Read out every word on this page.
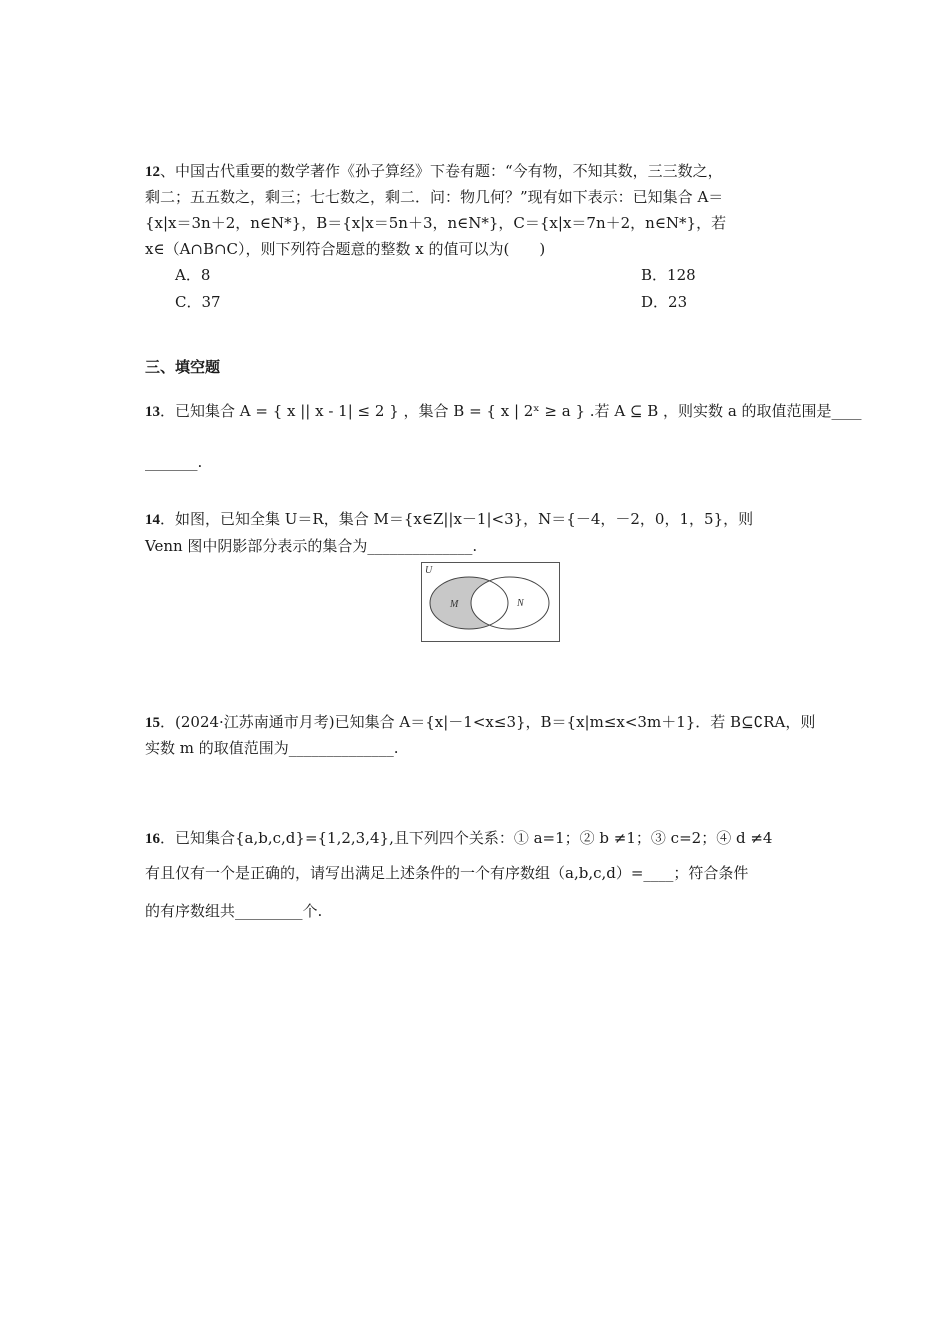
12、中国古代重要的数学著作《孙子算经》下卷有题：“今有物，不知其数，三三数之，
剩二；五五数之，剩三；七七数之，剩二．问：物几何？”现有如下表示：已知集合 A＝
{x|x＝3n＋2，n∈N*}，B＝{x|x＝5n＋3，n∈N*}，C＝{x|x＝7n＋2，n∈N*}，若
x∈（A∩B∩C），则下列符合题意的整数 x 的值可以为(　　)
A．8	B．128
C．37	D．23
三、填空题
13．已知集合 A = { x || x - 1| ≤ 2 } ，集合 B = { x | 2ˣ ≥ a } .若 A ⊆ B ，则实数 a 的取值范围是____
_______.
14．如图，已知全集 U＝R，集合 M＝{x∈Z||x－1|<3}，N＝{－4，－2，0，1，5}，则
Venn 图中阴影部分表示的集合为______________.
U
M	N
15．(2024·江苏南通市月考)已知集合 A＝{x|－1<x≤3}，B＝{x|m≤x<3m＋1}．若 B⊆∁RA，则
实数 m 的取值范围为______________.
16．已知集合{a,b,c,d}={1,2,3,4},且下列四个关系：① a=1；② b ≠1；③ c=2；④ d ≠4
有且仅有一个是正确的，请写出满足上述条件的一个有序数组（a,b,c,d）=____；符合条件
的有序数组共_________个.
